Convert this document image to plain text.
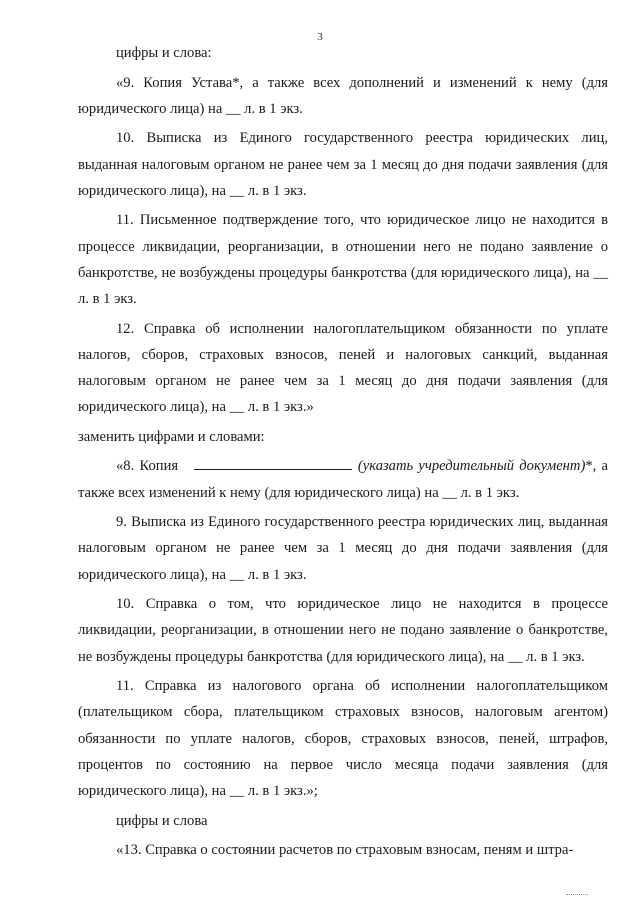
3

цифры и слова:

«9. Копия Устава*, а также всех дополнений и изменений к нему (для юридического лица) на __ л. в 1 экз.

10. Выписка из Единого государственного реестра юридических лиц, выданная налоговым органом не ранее чем за 1 месяц до дня подачи заявления (для юридического лица), на __ л. в 1 экз.

11. Письменное подтверждение того, что юридическое лицо не находится в процессе ликвидации, реорганизации, в отношении него не подано заявление о банкротстве, не возбуждены процедуры банкротства (для юридического лица), на __ л. в 1 экз.

12. Справка об исполнении налогоплательщиком обязанности по уплате налогов, сборов, страховых взносов, пеней и налоговых санкций, выданная налоговым органом не ранее чем за 1 месяц до дня подачи заявления (для юридического лица), на __ л. в 1 экз.»

заменить цифрами и словами:

«8. Копия	(указать учредительный документ)*, а также всех изменений к нему (для юридического лица) на __ л. в 1 экз.

9. Выписка из Единого государственного реестра юридических лиц, выданная налоговым органом не ранее чем за 1 месяц до дня подачи заявления (для юридического лица), на __ л. в 1 экз.

10. Справка о том, что юридическое лицо не находится в процессе ликвидации, реорганизации, в отношении него не подано заявление о банкротстве, не возбуждены процедуры банкротства (для юридического лица), на __ л. в 1 экз.

11. Справка из налогового органа об исполнении налогоплательщиком (плательщиком сбора, плательщиком страховых взносов, налоговым агентом) обязанности по уплате налогов, сборов, страховых взносов, пеней, штрафов, процентов по состоянию на первое число месяца подачи заявления (для юридического лица), на __ л. в 1 экз.»;

цифры и слова

«13. Справка о состоянии расчетов по страховым взносам, пеням и штра-
